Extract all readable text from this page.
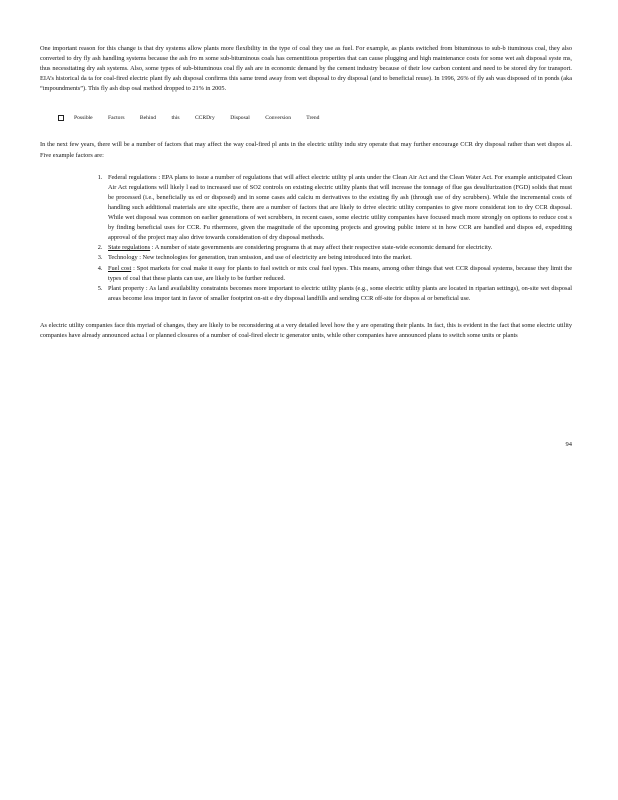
One important reason for this change is that dry systems allow plants more flexibility in the type of coal they use as fuel. For example, as plants switched from bituminous to sub-b ituminous coal, they also converted to dry fly ash handling systems because the ash fro m some sub-bituminous coals has cementitious properties that can cause plugging and high maintenance costs for some wet ash disposal syste ms, thus necessitating dry ash systems. Also, some types of sub-bituminous coal fly ash are in economic demand by the cement industry because of their low carbon content and need to be stored dry for transport. EIA’s historical da ta for coal-fired electric plant fly ash disposal confirms this same trend away from wet disposal to dry disposal (and to beneficial reuse). In 1996, 26% of fly ash was disposed of in ponds (aka “impoundments”). This fly ash disp osal method dropped to 21% in 2005.

Possible Factors Behind this CCRDry Disposal Conversion Trend

In the next few years, there will be a number of factors that may affect the way coal-fired pl ants in the electric utility indu stry operate that may further encourage CCR dry disposal rather than wet dispos al. Five example factors are:

1. Federal regulations : EPA plans to issue a number of regulations that will affect electric utility pl ants under the Clean Air Act and the Clean Water Act. For example anticipated Clean Air Act regulations will likely l ead to increased use of SO2 controls on existing electric utility plants that will increase the tonnage of flue gas desulfurization (FGD) solids that must be processed (i.e., beneficially us ed or disposed) and in some cases add calciu m derivatives to the existing fly ash (through use of dry scrubbers). While the incremental costs of handling such additional materials are site specific, there are a number of factors that are likely to drive electric utility companies to give more considerat ion to dry CCR disposal. While wet disposal was common on earlier generations of wet scrubbers, in recent cases, some electric utility companies have focused much more strongly on options to reduce cost s by finding beneficial uses for CCR. Fu rthermore, given the magnitude of the upcoming projects and growing public intere st in how CCR are handled and dispos ed, expediting approval of the project may also drive towards consideration of dry disposal methods.
2. State regulations : A number of state governments are considering programs th at may affect their respective state-wide economic demand for electricity.
3. Technology : New technologies for generation, tran smission, and use of electricity are being introduced into the market.
4. Fuel cost : Spot markets for coal make it easy for plants to fuel switch or mix coal fuel types. This means, among other things that wet CCR disposal systems, because they limit the types of coal that these plants can use, are likely to be further reduced.
5. Plant property : As land availability constraints becomes more important to electric utility plants (e.g., some electric utility plants are located in riparian settings), on-site wet disposal areas become less impor tant in favor of smaller footprint on-sit e dry disposal landfills and sending CCR off-site for dispos al or beneficial use.

As electric utility companies face this myriad of changes, they are likely to be reconsidering at a very detailed level how the y are operating their plants. In fact, this is evident in the fact that some electric utility companies have already announced actua l or planned closures of a number of coal-fired electr ic generator units, while other companies have announced plans to switch some units or plants

94
